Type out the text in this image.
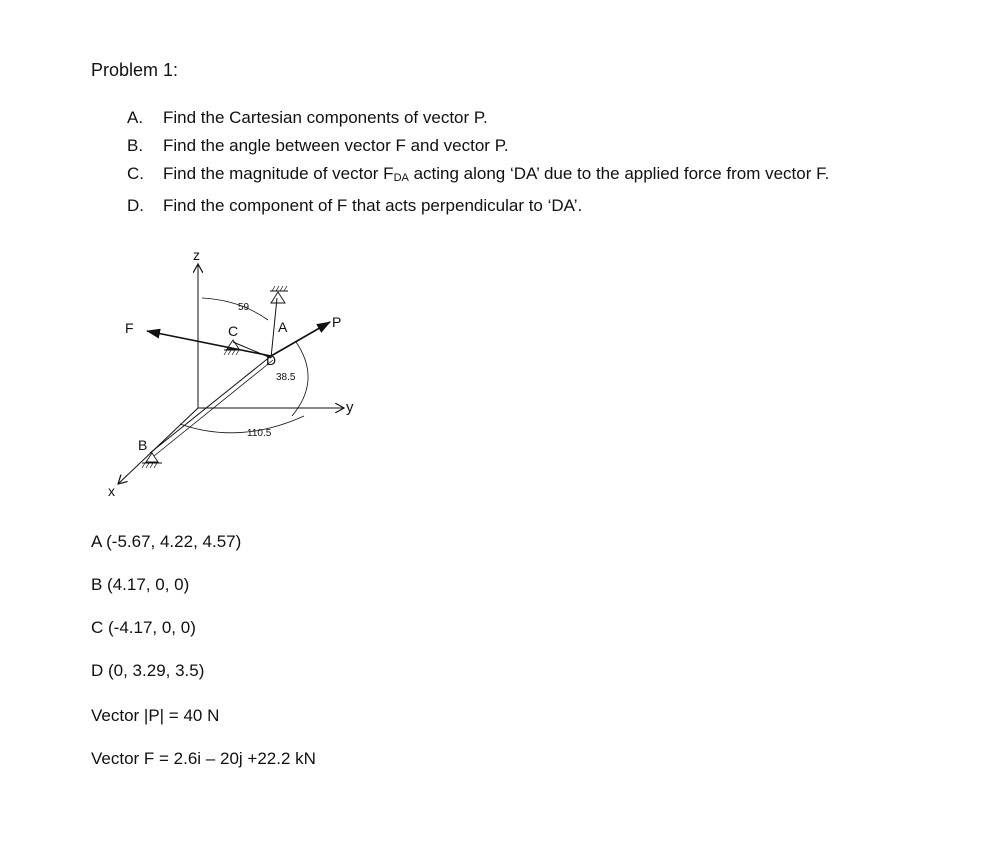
Problem 1:
A. Find the Cartesian components of vector P.
B. Find the angle between vector F and vector P.
C. Find the magnitude of vector $F_{DA}$ acting along ‘DA’ due to the applied force from vector F.
D. Find the component of F that acts perpendicular to ‘DA’.
z
y
x
F	P
A
B
C
D
59
38.5
110.5
A (-5.67, 4.22, 4.57)
B (4.17, 0, 0)
C (-4.17, 0, 0)
D (0, 3.29, 3.5)
Vector |P| = 40 N
Vector F = 2.6i – 20j +22.2 kN
